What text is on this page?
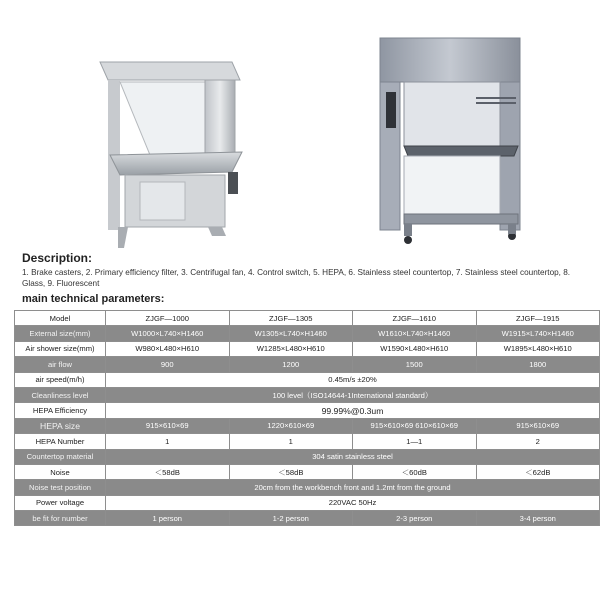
Description:
1. Brake casters, 2. Primary efficiency filter, 3. Centrifugal fan, 4. Control switch, 5. HEPA, 6. Stainless steel countertop, 7. Stainless steel countertop, 8. Glass, 9. Fluorescent
main technical parameters:
Model	ZJGF—1000	ZJGF—1305	ZJGF—1610	ZJGF—1915
External size(mm)	W1000×L740×H1460	W1305×L740×H1460	W1610×L740×H1460	W1915×L740×H1460
Air shower size(mm)	W980×L480×H610	W1285×L480×H610	W1590×L480×H610	W1895×L480×H610
air flow	900	1200	1500	1800
air speed(m/h)	0.45m/s ±20%			
Cleanliness level	100 level（ISO14644-1International standard）			
HEPA Efficiency	99.99%@0.3um			
HEPA size	915×610×69	1220×610×69	915×610×69 610×610×69	915×610×69
HEPA Number	1	1	1—1	2
Countertop material	304 satin stainless steel			
Noise	＜58dB	＜58dB	＜60dB	＜62dB
Noise test position	20cm from the workbench front and 1.2mt from the ground			
Power voltage	220VAC 50Hz			
be fit for number	1 person	1-2 person	2-3 person	3-4 person
